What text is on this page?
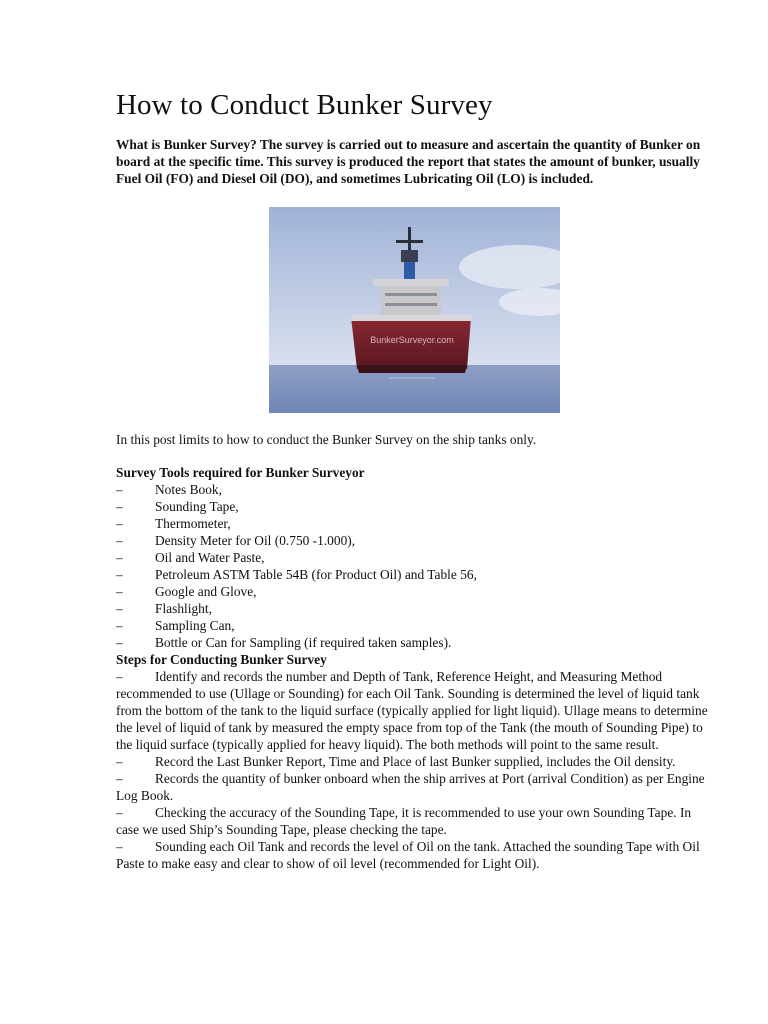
How to Conduct Bunker Survey

What is Bunker Survey? The survey is carried out to measure and ascertain the quantity of Bunker on board at the specific time. This survey is produced the report that states the amount of bunker, usually Fuel Oil (FO) and Diesel Oil (DO), and sometimes Lubricating Oil (LO) is included.

BunkerSurveyor.com

In this post limits to how to conduct the Bunker Survey on the ship tanks only.

Survey Tools required for Bunker Surveyor

–	Notes Book,
–	Sounding Tape,
–	Thermometer,
–	Density Meter for Oil (0.750 -1.000),
–	Oil and Water Paste,
–	Petroleum ASTM Table 54B (for Product Oil) and Table 56,
–	Google and Glove,
–	Flashlight,
–	Sampling Can,
–	Bottle or Can for Sampling (if required taken samples).

Steps for Conducting Bunker Survey

– Identify and records the number and Depth of Tank, Reference Height, and Measuring Method recommended to use (Ullage or Sounding) for each Oil Tank. Sounding is determined the level of liquid tank from the bottom of the tank to the liquid surface (typically applied for light liquid). Ullage means to determine the level of liquid of tank by measured the empty space from top of the Tank (the mouth of Sounding Pipe) to the liquid surface (typically applied for heavy liquid). The both methods will point to the same result.

– Record the Last Bunker Report, Time and Place of last Bunker supplied, includes the Oil density.

– Records the quantity of bunker onboard when the ship arrives at Port (arrival Condition) as per Engine Log Book.

– Checking the accuracy of the Sounding Tape, it is recommended to use your own Sounding Tape. In case we used Ship’s Sounding Tape, please checking the tape.

– Sounding each Oil Tank and records the level of Oil on the tank. Attached the sounding Tape with Oil Paste to make easy and clear to show of oil level (recommended for Light Oil).
